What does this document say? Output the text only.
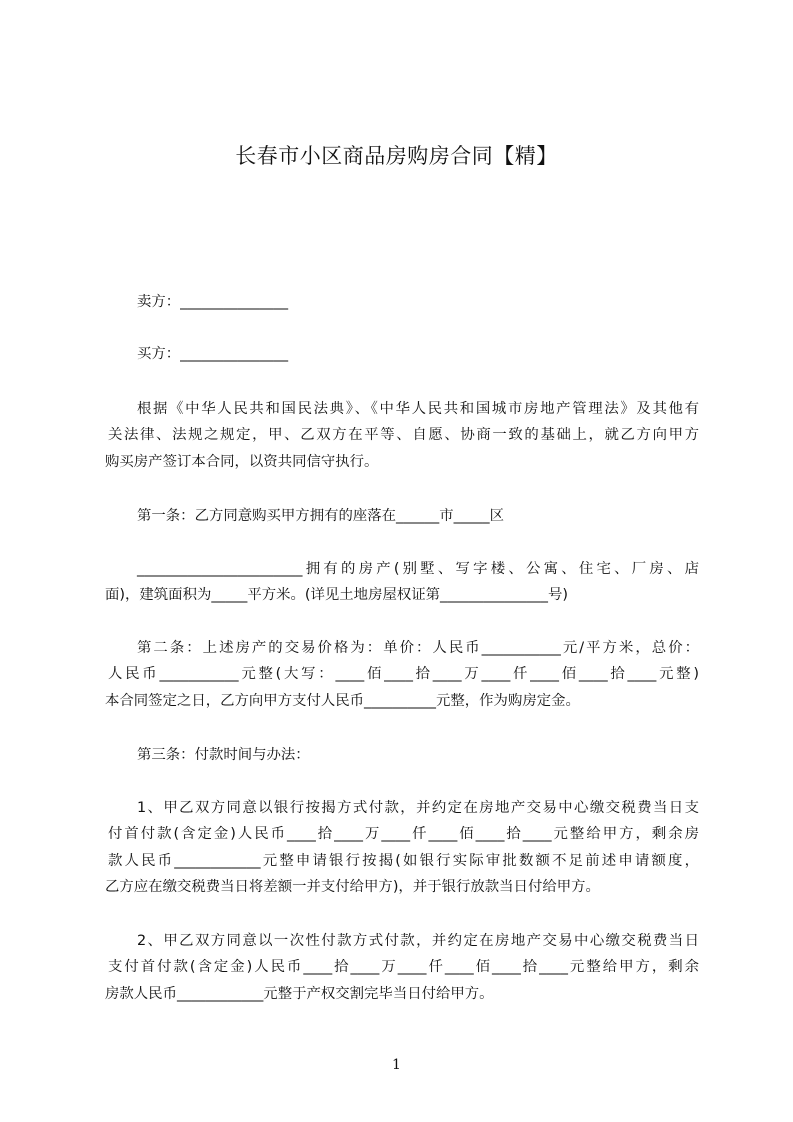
长春市小区商品房购房合同【精】

卖方：_______________

买方：_______________

根据《中华人民共和国民法典》、《中华人民共和国城市房地产管理法》及其他有

关法律、法规之规定，甲、乙双方在平等、自愿、协商一致的基础上，就乙方向甲方

购买房产签订本合同，以资共同信守执行。

第一条：乙方同意购买甲方拥有的座落在______市_____区

_______________________拥有的房产(别墅、写字楼、公寓、住宅、厂房、店

面)，建筑面积为_____平方米。(详见土地房屋权证第_______________号)

第二条：上述房产的交易价格为：单价：人民币___________元/平方米，总价：

人民币___________元整(大写：____佰____拾____万____仟____佰____拾____元整)

本合同签定之日，乙方向甲方支付人民币__________元整，作为购房定金。

第三条：付款时间与办法：

1、甲乙双方同意以银行按揭方式付款，并约定在房地产交易中心缴交税费当日支

付首付款(含定金)人民币____拾____万____仟____佰____拾____元整给甲方，剩余房

款人民币____________元整申请银行按揭(如银行实际审批数额不足前述申请额度，

乙方应在缴交税费当日将差额一并支付给甲方)，并于银行放款当日付给甲方。

2、甲乙双方同意以一次性付款方式付款，并约定在房地产交易中心缴交税费当日

支付首付款(含定金)人民币____拾____万____仟____佰____拾____元整给甲方，剩余

房款人民币____________元整于产权交割完毕当日付给甲方。

1
